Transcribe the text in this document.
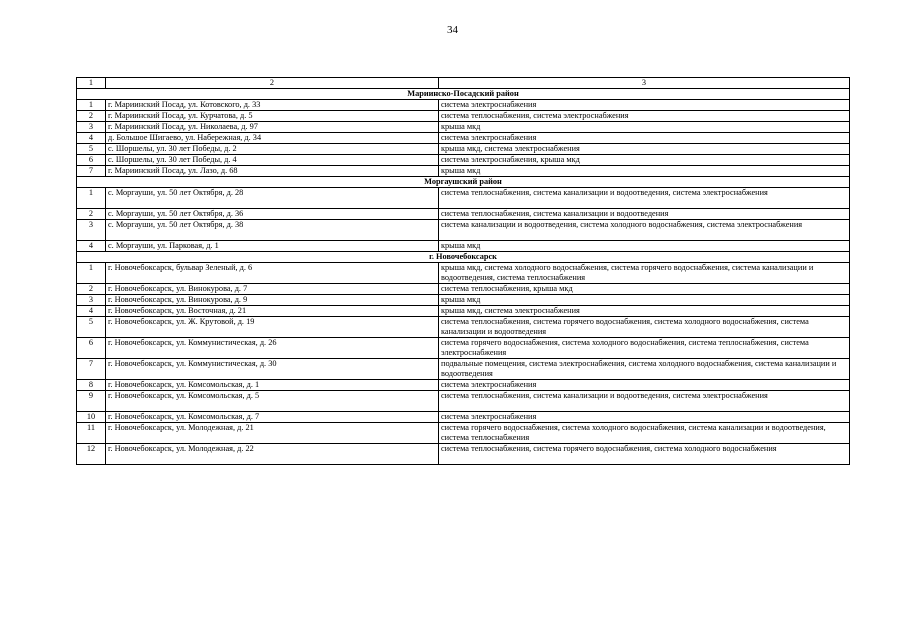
34
1	2	3
Мариинско-Посадский район		
1	г. Мариинский Посад, ул. Котовского, д. 33	система электроснабжения
2	г. Мариинский Посад, ул. Курчатова, д. 5	система теплоснабжения, система электроснабжения
3	г. Мариинский Посад, ул. Николаева, д. 97	крыша мкд
4	д. Большое Шигаево, ул. Набережная, д. 34	система электроснабжения
5	с. Шоршелы, ул. 30 лет Победы, д. 2	крыша мкд, система электроснабжения
6	с. Шоршелы, ул. 30 лет Победы, д. 4	система электроснабжения, крыша мкд
7	г. Мариинский Посад, ул. Лазо, д. 68	крыша мкд
Моргаушский район		
1	с. Моргауши, ул. 50 лет Октября, д. 28	система теплоснабжения, система канализации и водоотведения, система электроснабжения
2	с. Моргауши, ул. 50 лет Октября, д. 36	система теплоснабжения, система канализации и водоотведения
3	с. Моргауши, ул. 50 лет Октября, д. 38	система канализации и водоотведения, система холодного водоснабжения, система электроснабжения
4	с. Моргауши, ул. Парковая, д. 1	крыша мкд
г. Новочебоксарск		
1	г. Новочебоксарск, бульвар Зеленый, д. 6	крыша мкд, система холодного водоснабжения, система горячего водоснабжения, система канализации и водоотведения, система теплоснабжения
2	г. Новочебоксарск, ул. Винокурова, д. 7	система теплоснабжения, крыша мкд
3	г. Новочебоксарск, ул. Винокурова, д. 9	крыша мкд
4	г. Новочебоксарск, ул. Восточная, д. 21	крыша мкд, система электроснабжения
5	г. Новочебоксарск, ул. Ж. Крутовой, д. 19	система теплоснабжения, система горячего водоснабжения, система холодного водоснабжения, система канализации и водоотведения
6	г. Новочебоксарск, ул. Коммунистическая, д. 26	система горячего водоснабжения, система холодного водоснабжения, система теплоснабжения, система электроснабжения
7	г. Новочебоксарск, ул. Коммунистическая, д. 30	подвальные помещения, система электроснабжения, система холодного водоснабжения, система канализации и водоотведения
8	г. Новочебоксарск, ул. Комсомольская, д. 1	система электроснабжения
9	г. Новочебоксарск, ул. Комсомольская, д. 5	система теплоснабжения, система канализации и водоотведения, система электроснабжения
10	г. Новочебоксарск, ул. Комсомольская, д. 7	система электроснабжения
11	г. Новочебоксарск, ул. Молодежная, д. 21	система горячего водоснабжения, система холодного водоснабжения, система канализации и водоотведения, система теплоснабжения
12	г. Новочебоксарск, ул. Молодежная, д. 22	система теплоснабжения, система горячего водоснабжения, система холодного водоснабжения
